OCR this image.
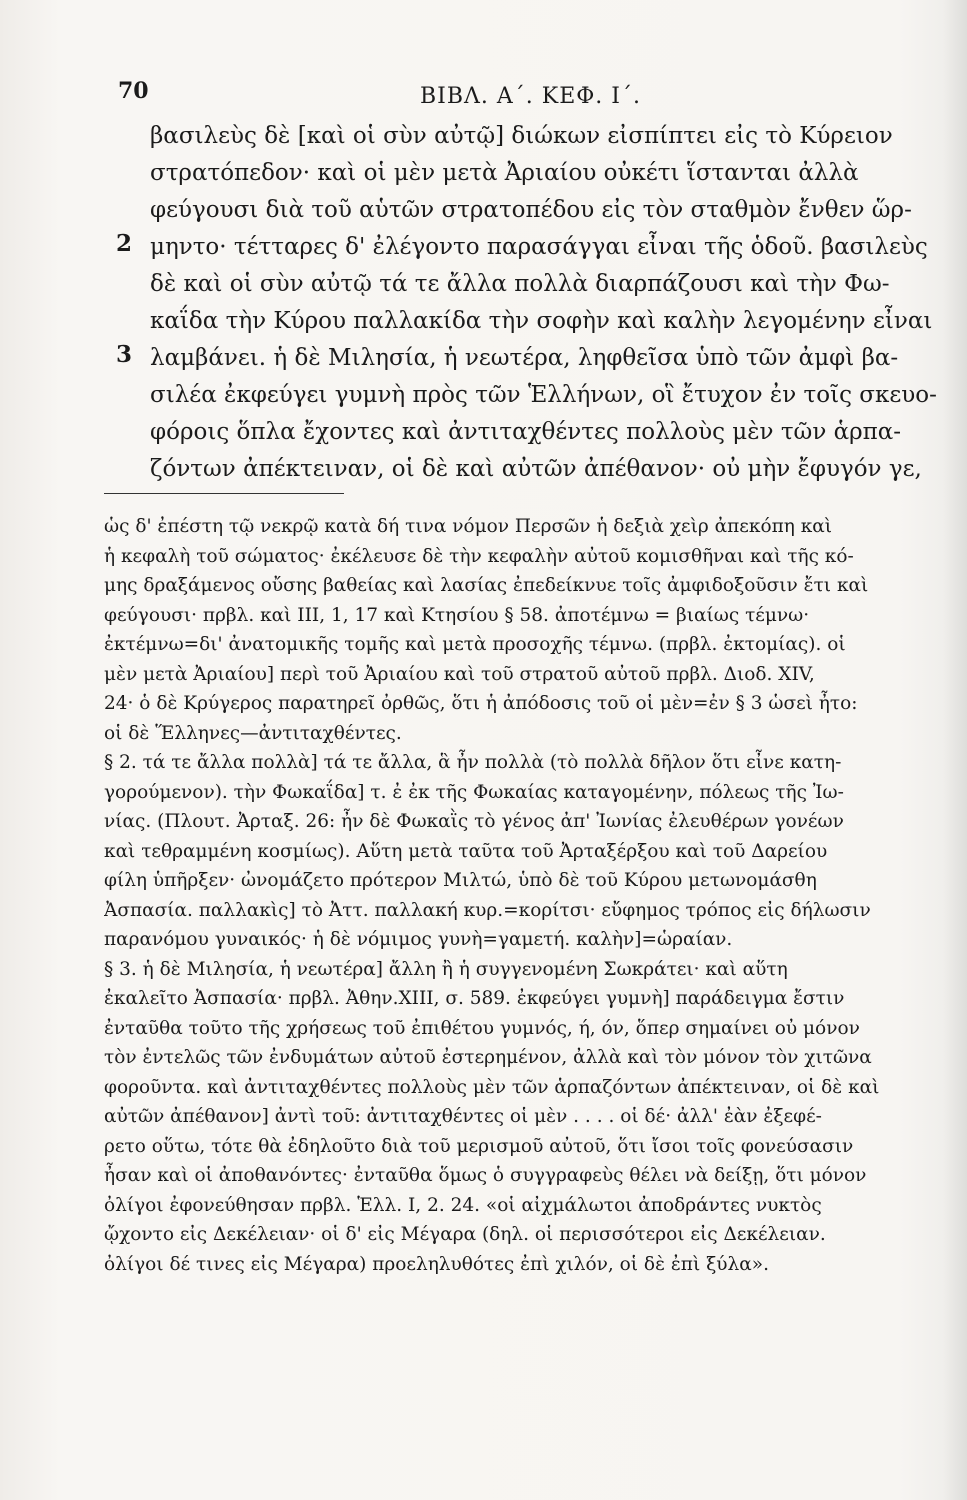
70	ΒΙΒΛ. Α΄. ΚΕΦ. Ι΄.
2
3
βασιλεὺς δὲ [καὶ οἱ σὺν αὐτῷ] διώκων εἰσπίπτει εἰς τὸ Κύρειον
στρατόπεδον· καὶ οἱ μὲν μετὰ Ἀριαίου οὐκέτι ἵστανται ἀλλὰ
φεύγουσι διὰ τοῦ αὑτῶν στρατοπέδου εἰς τὸν σταθμὸν ἔνθεν ὥρ-
μηντο· τέτταρες δ' ἐλέγοντο παρασάγγαι εἶναι τῆς ὁδοῦ. βασιλεὺς
δὲ καὶ οἱ σὺν αὐτῷ τά τε ἄλλα πολλὰ διαρπάζουσι καὶ τὴν Φω-
καΐδα τὴν Κύρου παλλακίδα τὴν σοφὴν καὶ καλὴν λεγομένην εἶναι
λαμβάνει. ἡ δὲ Μιλησία, ἡ νεωτέρα, ληφθεῖσα ὑπὸ τῶν ἀμφὶ βα-
σιλέα ἐκφεύγει γυμνὴ πρὸς τῶν Ἑλλήνων, οἳ ἔτυχον ἐν τοῖς σκευο-
φόροις ὅπλα ἔχοντες καὶ ἀντιταχθέντες πολλοὺς μὲν τῶν ἁρπα-
ζόντων ἀπέκτειναν, οἱ δὲ καὶ αὐτῶν ἀπέθανον· οὐ μὴν ἔφυγόν γε,
ὡς δ' ἐπέστη τῷ νεκρῷ κατὰ δή τινα νόμον Περσῶν ἡ δεξιὰ χεὶρ ἀπεκόπη καὶ
ἡ κεφαλὴ τοῦ σώματος· ἐκέλευσε δὲ τὴν κεφαλὴν αὐτοῦ κομισθῆναι καὶ τῆς κό-
μης δραξάμενος οὔσης βαθείας καὶ λασίας ἐπεδείκνυε τοῖς ἀμφιδοξοῦσιν ἔτι καὶ
φεύγουσι· πρβλ. καὶ III, 1, 17 καὶ Κτησίου § 58. ἀποτέμνω = βιαίως τέμνω·
ἐκτέμνω=δι' ἀνατομικῆς τομῆς καὶ μετὰ προσοχῆς τέμνω. (πρβλ. ἐκτομίας). οἱ
μὲν μετὰ Ἀριαίου] περὶ τοῦ Ἀριαίου καὶ τοῦ στρατοῦ αὐτοῦ πρβλ. Διοδ. XIV,
24· ὁ δὲ Κρύγερος παρατηρεῖ ὀρθῶς, ὅτι ἡ ἀπόδοσις τοῦ οἱ μὲν=ἐν § 3 ὡσεὶ ἦτο:
οἱ δὲ Ἕλληνες—ἀντιταχθέντες.
§ 2. τά τε ἄλλα πολλὰ] τά τε ἄλλα, ἃ ἦν πολλὰ (τὸ πολλὰ δῆλον ὅτι εἶνε κατη-
γορούμενον). τὴν Φωκαΐδα] τ. ἐ ἐκ τῆς Φωκαίας καταγομένην, πόλεως τῆς Ἰω-
νίας. (Πλουτ. Ἀρταξ. 26: ἦν δὲ Φωκαῒς τὸ γένος ἀπ' Ἰωνίας ἐλευθέρων γονέων
καὶ τεθραμμένη κοσμίως). Αὕτη μετὰ ταῦτα τοῦ Ἀρταξέρξου καὶ τοῦ Δαρείου
φίλη ὑπῆρξεν· ὠνομάζετο πρότερον Μιλτώ, ὑπὸ δὲ τοῦ Κύρου μετωνομάσθη
Ἀσπασία. παλλακὶς] τὸ Ἀττ. παλλακή κυρ.=κορίτσι· εὔφημος τρόπος εἰς δήλωσιν
παρανόμου γυναικός· ἡ δὲ νόμιμος γυνὴ=γαμετή. καλὴν]=ὡραίαν.
§ 3. ἡ δὲ Μιλησία, ἡ νεωτέρα] ἄλλη ἢ ἡ συγγενομένη Σωκράτει· καὶ αὕτη
ἐκαλεῖτο Ἀσπασία· πρβλ. Ἀθην.XIII, σ. 589. ἐκφεύγει γυμνὴ] παράδειγμα ἔστιν
ἐνταῦθα τοῦτο τῆς χρήσεως τοῦ ἐπιθέτου γυμνός, ή, όν, ὅπερ σημαίνει οὐ μόνον
τὸν ἐντελῶς τῶν ἐνδυμάτων αὐτοῦ ἐστερημένον, ἀλλὰ καὶ τὸν μόνον τὸν χιτῶνα
φοροῦντα. καὶ ἀντιταχθέντες πολλοὺς μὲν τῶν ἁρπαζόντων ἀπέκτειναν, οἱ δὲ καὶ
αὐτῶν ἀπέθανον] ἀντὶ τοῦ: ἀντιταχθέντες οἱ μὲν . . . . οἱ δέ· ἀλλ' ἐὰν ἐξεφέ-
ρετο οὕτω, τότε θὰ ἐδηλοῦτο διὰ τοῦ μερισμοῦ αὐτοῦ, ὅτι ἴσοι τοῖς φονεύσασιν
ἦσαν καὶ οἱ ἀποθανόντες· ἐνταῦθα ὅμως ὁ συγγραφεὺς θέλει νὰ δείξῃ, ὅτι μόνον
ὀλίγοι ἐφονεύθησαν πρβλ. Ἑλλ. I, 2. 24. «οἱ αἰχμάλωτοι ἀποδράντες νυκτὸς
ᾤχοντο εἰς Δεκέλειαν· οἱ δ' εἰς Μέγαρα (δηλ. οἱ περισσότεροι εἰς Δεκέλειαν.
ὀλίγοι δέ τινες εἰς Μέγαρα) προεληλυθότες ἐπὶ χιλόν, οἱ δὲ ἐπὶ ξύλα».
